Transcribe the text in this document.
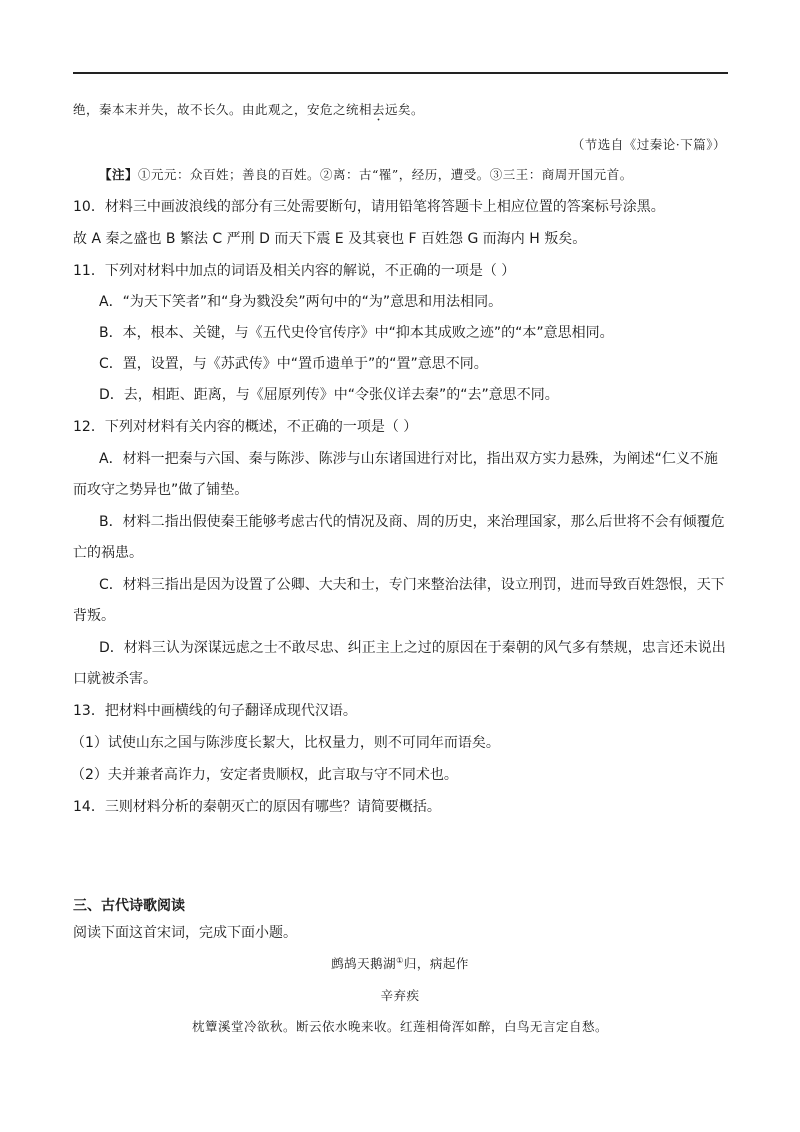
绝，秦本末并失，故不长久。由此观之，安危之统相去远矣。
（节选自《过秦论·下篇》）
【注】①元元：众百姓；善良的百姓。②离：古“罹”，经历，遭受。③三王：商周开国元首。
10．材料三中画波浪线的部分有三处需要断句，请用铅笔将答题卡上相应位置的答案标号涂黑。
故 A 秦之盛也 B 繁法 C 严刑 D 而天下震 E 及其衰也 F 百姓怨 G 而海内 H 叛矣。
11．下列对材料中加点的词语及相关内容的解说，不正确的一项是（ ）
A．“为天下笑者”和“身为戮没矣”两句中的“为”意思和用法相同。
B．本，根本、关键，与《五代史伶官传序》中“抑本其成败之迹”的“本”意思相同。
C．置，设置，与《苏武传》中“置币遗单于”的“置”意思不同。
D．去，相距、距离，与《屈原列传》中“令张仪详去秦”的“去”意思不同。
12．下列对材料有关内容的概述，不正确的一项是（ ）
A．材料一把秦与六国、秦与陈涉、陈涉与山东诸国进行对比，指出双方实力悬殊，为阐述“仁义不施
而攻守之势异也”做了铺垫。
B．材料二指出假使秦王能够考虑古代的情况及商、周的历史，来治理国家，那么后世将不会有倾覆危
亡的祸患。
C．材料三指出是因为设置了公卿、大夫和士，专门来整治法律，设立刑罚，进而导致百姓怨恨，天下
背叛。
D．材料三认为深谋远虑之士不敢尽忠、纠正主上之过的原因在于秦朝的风气多有禁规，忠言还未说出
口就被杀害。
13．把材料中画横线的句子翻译成现代汉语。
（1）试使山东之国与陈涉度长絜大，比权量力，则不可同年而语矣。
（2）夫并兼者高诈力，安定者贵顺权，此言取与守不同术也。
14．三则材料分析的秦朝灭亡的原因有哪些？请简要概括。
三、古代诗歌阅读
阅读下面这首宋词，完成下面小题。
鹧鸪天鹅湖①归，病起作
辛弃疾
枕簟溪堂冷欲秋。断云依水晚来收。红莲相倚浑如醉，白鸟无言定自愁。
